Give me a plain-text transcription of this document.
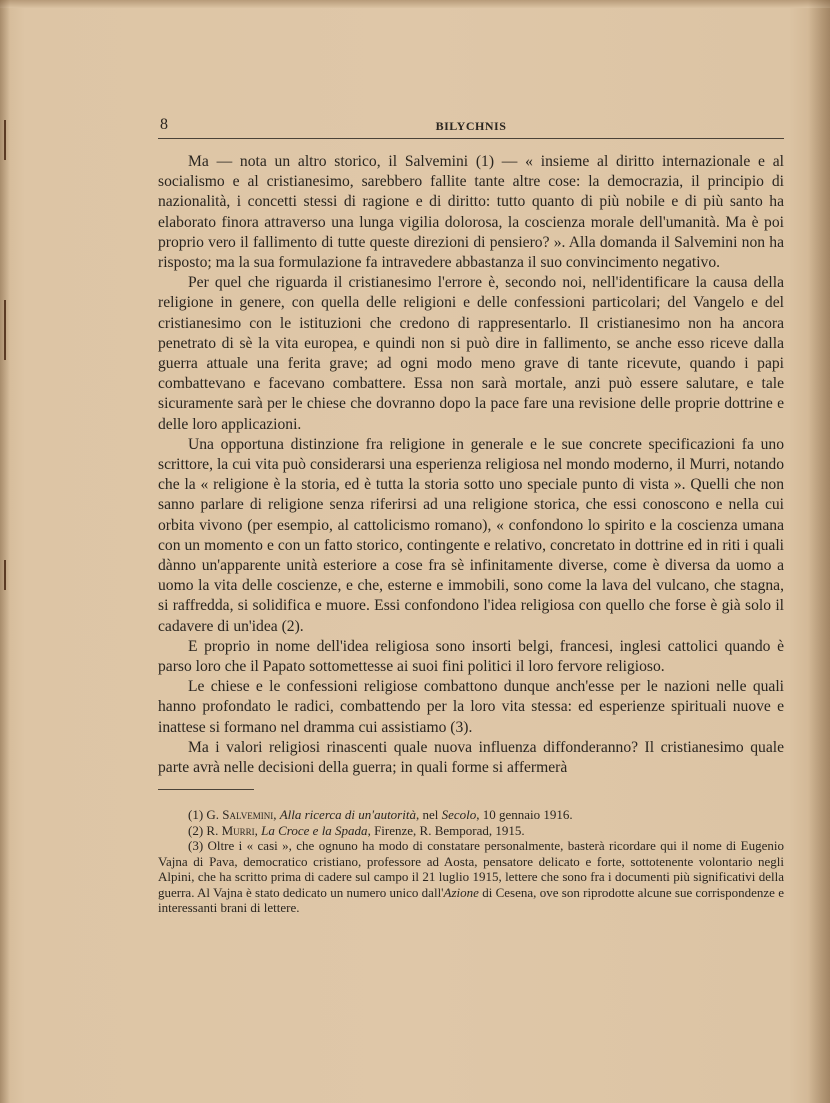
8	BILYCHNIS

Ma — nota un altro storico, il Salvemini (1) — « insieme al diritto internazionale e al socialismo e al cristianesimo, sarebbero fallite tante altre cose: la democrazia, il principio di nazionalità, i concetti stessi di ragione e di diritto: tutto quanto di più nobile e di più santo ha elaborato finora attraverso una lunga vigilia dolorosa, la coscienza morale dell'umanità. Ma è poi proprio vero il fallimento di tutte queste direzioni di pensiero? ». Alla domanda il Salvemini non ha risposto; ma la sua formulazione fa intravedere abbastanza il suo convincimento negativo.

Per quel che riguarda il cristianesimo l'errore è, secondo noi, nell'identificare la causa della religione in genere, con quella delle religioni e delle confessioni particolari; del Vangelo e del cristianesimo con le istituzioni che credono di rappresentarlo. Il cristianesimo non ha ancora penetrato di sè la vita europea, e quindi non si può dire in fallimento, se anche esso riceve dalla guerra attuale una ferita grave; ad ogni modo meno grave di tante ricevute, quando i papi combattevano e facevano combattere. Essa non sarà mortale, anzi può essere salutare, e tale sicuramente sarà per le chiese che dovranno dopo la pace fare una revisione delle proprie dottrine e delle loro applicazioni.

Una opportuna distinzione fra religione in generale e le sue concrete specificazioni fa uno scrittore, la cui vita può considerarsi una esperienza religiosa nel mondo moderno, il Murri, notando che la « religione è la storia, ed è tutta la storia sotto uno speciale punto di vista ». Quelli che non sanno parlare di religione senza riferirsi ad una religione storica, che essi conoscono e nella cui orbita vivono (per esempio, al cattolicismo romano), « confondono lo spirito e la coscienza umana con un momento e con un fatto storico, contingente e relativo, concretato in dottrine ed in riti i quali dànno un'apparente unità esteriore a cose fra sè infinitamente diverse, come è diversa da uomo a uomo la vita delle coscienze, e che, esterne e immobili, sono come la lava del vulcano, che stagna, si raffredda, si solidifica e muore. Essi confondono l'idea religiosa con quello che forse è già solo il cadavere di un'idea (2).

E proprio in nome dell'idea religiosa sono insorti belgi, francesi, inglesi cattolici quando è parso loro che il Papato sottomettesse ai suoi fini politici il loro fervore religioso.

Le chiese e le confessioni religiose combattono dunque anch'esse per le nazioni nelle quali hanno profondato le radici, combattendo per la loro vita stessa: ed esperienze spirituali nuove e inattese si formano nel dramma cui assistiamo (3).

Ma i valori religiosi rinascenti quale nuova influenza diffonderanno? Il cristianesimo quale parte avrà nelle decisioni della guerra; in quali forme si affermerà

(1) G. Salvemini, Alla ricerca di un'autorità, nel Secolo, 10 gennaio 1916.

(2) R. Murri, La Croce e la Spada, Firenze, R. Bemporad, 1915.

(3) Oltre i « casi », che ognuno ha modo di constatare personalmente, basterà ricordare qui il nome di Eugenio Vajna di Pava, democratico cristiano, professore ad Aosta, pensatore delicato e forte, sottotenente volontario negli Alpini, che ha scritto prima di cadere sul campo il 21 luglio 1915, lettere che sono fra i documenti più significativi della guerra. Al Vajna è stato dedicato un numero unico dall'Azione di Cesena, ove son riprodotte alcune sue corrispondenze e interessanti brani di lettere.
